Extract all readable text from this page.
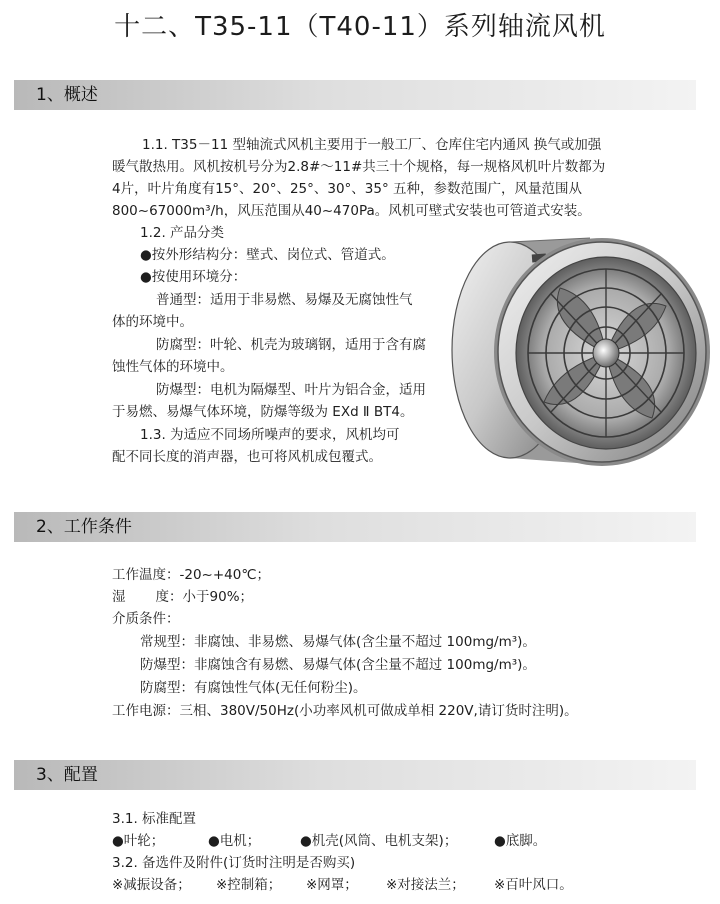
十二、T35-11（T40-11）系列轴流风机
1、概述
1.1. T35－11 型轴流式风机主要用于一般工厂、仓库住宅内通风 换气或加强暖气散热用。风机按机号分为2.8#～11#共三十个规格，每一规格风机叶片数都为4片，叶片角度有15°、20°、25°、30°、35° 五种，参数范围广，风量范围从800~67000m³/h，风压范围从40~470Pa。风机可壁式安装也可管道式安装。
1.2. 产品分类
●按外形结构分：壁式、岗位式、管道式。
●按使用环境分：
普通型：适用于非易燃、易爆及无腐蚀性气
体的环境中。
防腐型：叶轮、机壳为玻璃钢，适用于含有腐
蚀性气体的环境中。
防爆型：电机为隔爆型、叶片为铝合金，适用
于易燃、易爆气体环境，防爆等级为 EXd Ⅱ BT4。
1.3. 为适应不同场所噪声的要求，风机均可
配不同长度的消声器，也可将风机成包覆式。
2、工作条件
工作温度：-20~+40℃；
湿       度：小于90%；
介质条件：
常规型：非腐蚀、非易燃、易爆气体(含尘量不超过 100mg/m³)。
防爆型：非腐蚀含有易燃、易爆气体(含尘量不超过 100mg/m³)。
防腐型：有腐蚀性气体(无任何粉尘)。
工作电源：三相、380V/50Hz(小功率风机可做成单相 220V,请订货时注明)。
3、配置
3.1. 标准配置
●叶轮；	●电机；	●机壳(风筒、电机支架)；	●底脚。
3.2. 备选件及附件(订货时注明是否购买)
※减振设备； ※控制箱； ※网罩； ※对接法兰； ※百叶风口。
